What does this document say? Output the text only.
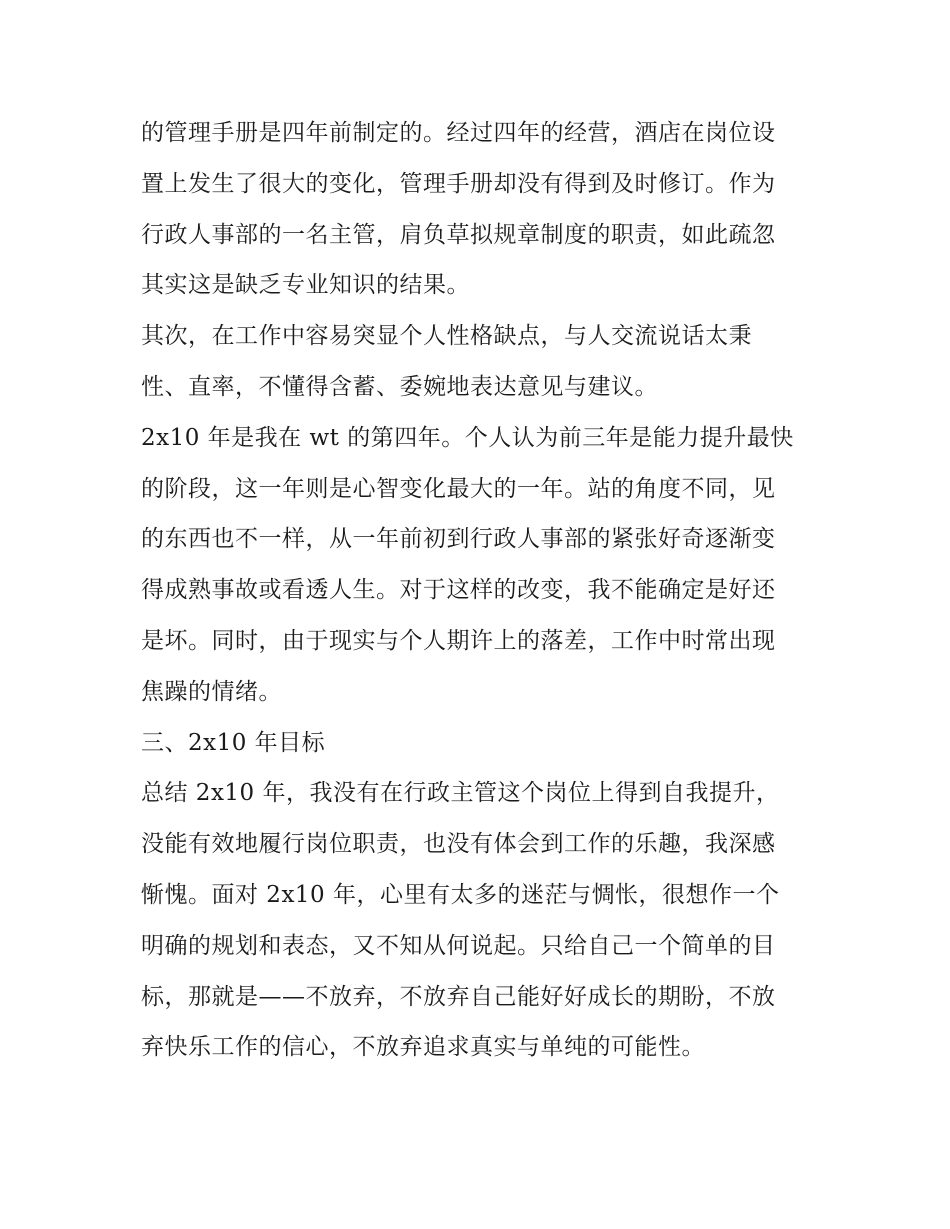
的管理手册是四年前制定的。经过四年的经营，酒店在岗位设
置上发生了很大的变化，管理手册却没有得到及时修订。作为
行政人事部的一名主管，肩负草拟规章制度的职责，如此疏忽
其实这是缺乏专业知识的结果。
其次，在工作中容易突显个人性格缺点，与人交流说话太秉
性、直率，不懂得含蓄、委婉地表达意见与建议。
2x10 年是我在 wt 的第四年。个人认为前三年是能力提升最快
的阶段，这一年则是心智变化最大的一年。站的角度不同，见
的东西也不一样，从一年前初到行政人事部的紧张好奇逐渐变
得成熟事故或看透人生。对于这样的改变，我不能确定是好还
是坏。同时，由于现实与个人期许上的落差，工作中时常出现
焦躁的情绪。
三、2x10 年目标
总结 2x10 年，我没有在行政主管这个岗位上得到自我提升，
没能有效地履行岗位职责，也没有体会到工作的乐趣，我深感
惭愧。面对 2x10 年，心里有太多的迷茫与惆怅，很想作一个
明确的规划和表态，又不知从何说起。只给自己一个简单的目
标，那就是——不放弃，不放弃自己能好好成长的期盼，不放
弃快乐工作的信心，不放弃追求真实与单纯的可能性。
